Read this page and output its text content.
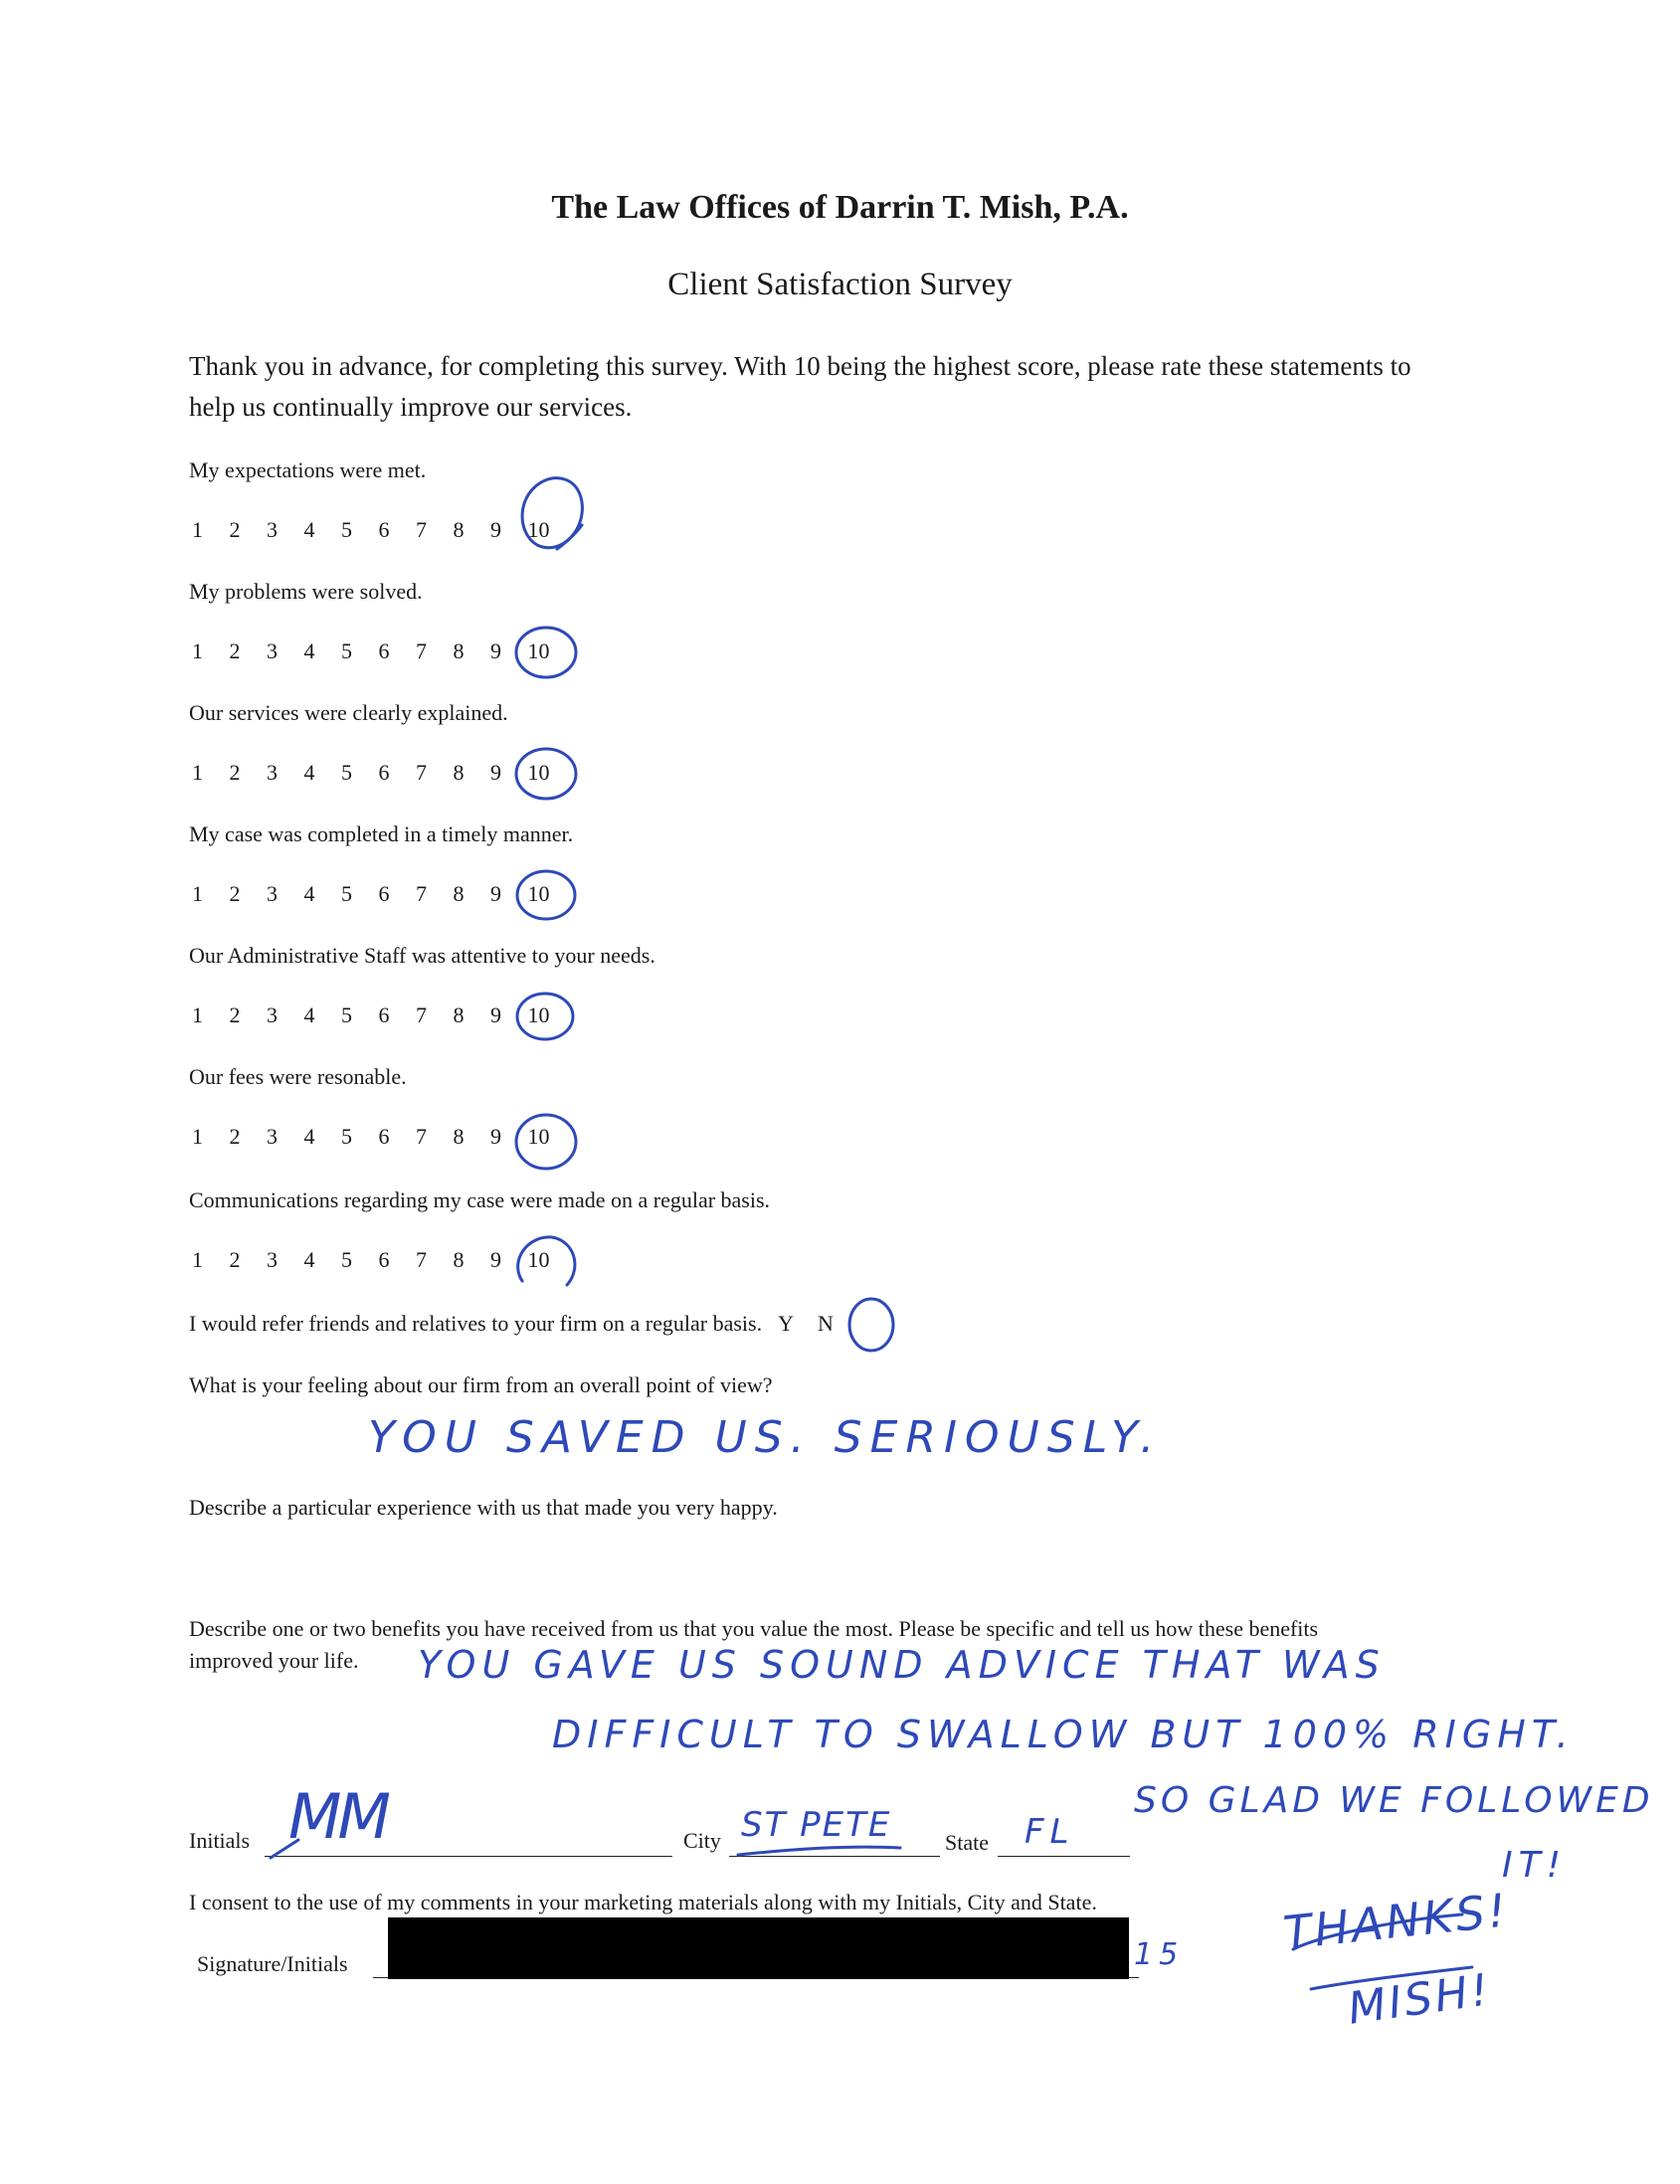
The Law Offices of Darrin T. Mish, P.A.
Client Satisfaction Survey
Thank you in advance, for completing this survey. With 10 being the highest score, please rate these statements to help us continually improve our services.
My expectations were met.
1 2 3 4 5 6 7 8 9 10
My problems were solved.
1 2 3 4 5 6 7 8 9 10
Our services were clearly explained.
1 2 3 4 5 6 7 8 9 10
My case was completed in a timely manner.
1 2 3 4 5 6 7 8 9 10
Our Administrative Staff was attentive to your needs.
1 2 3 4 5 6 7 8 9 10
Our fees were resonable.
1 2 3 4 5 6 7 8 9 10
Communications regarding my case were made on a regular basis.
1 2 3 4 5 6 7 8 9 10
I would refer friends and relatives to your firm on a regular basis. Y N
What is your feeling about our firm from an overall point of view?
YOU SAVED US. SERIOUSLY.
Describe a particular experience with us that made you very happy.
Describe one or two benefits you have received from us that you value the most. Please be specific and tell us how these benefits
improved your life. YOU GAVE US SOUND ADVICE THAT WAS
DIFFICULT TO SWALLOW BUT 100% RIGHT.
SO GLAD WE FOLLOWED
IT!
Initials MM	City ST PETE State FL
I consent to the use of my comments in your marketing materials along with my Initials, City and State.
Signature/Initials	15 THANKS!
MISH!
